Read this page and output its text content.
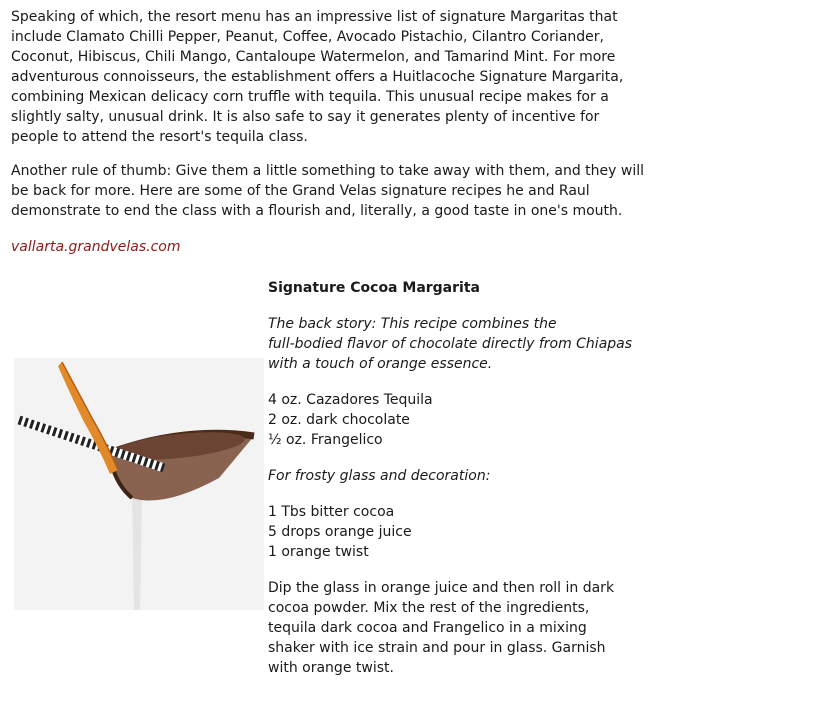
Speaking of which, the resort menu has an impressive list of signature Margaritas that include Clamato Chilli Pepper, Peanut, Coffee, Avocado Pistachio, Cilantro Coriander, Coconut, Hibiscus, Chili Mango, Cantaloupe Watermelon, and Tamarind Mint. For more adventurous connoisseurs, the establishment offers a Huitlacoche Signature Margarita, combining Mexican delicacy corn truffle with tequila. This unusual recipe makes for a slightly salty, unusual drink. It is also safe to say it generates plenty of incentive for people to attend the resort's tequila class.

Another rule of thumb: Give them a little something to take away with them, and they will be back for more. Here are some of the Grand Velas signature recipes he and Raul demonstrate to end the class with a flourish and, literally, a good taste in one's mouth.

vallarta.grandvelas.com
Signature Cocoa Margarita
The back story: This recipe combines the
full-bodied flavor of chocolate directly from Chiapas
with a touch of orange essence.
4 oz. Cazadores Tequila
2 oz. dark chocolate
½ oz. Frangelico
For frosty glass and decoration:
1 Tbs bitter cocoa
5 drops orange juice
1 orange twist
Dip the glass in orange juice and then roll in dark
cocoa powder. Mix the rest of the ingredients,
tequila dark cocoa and Frangelico in a mixing
shaker with ice strain and pour in glass. Garnish
with orange twist.
